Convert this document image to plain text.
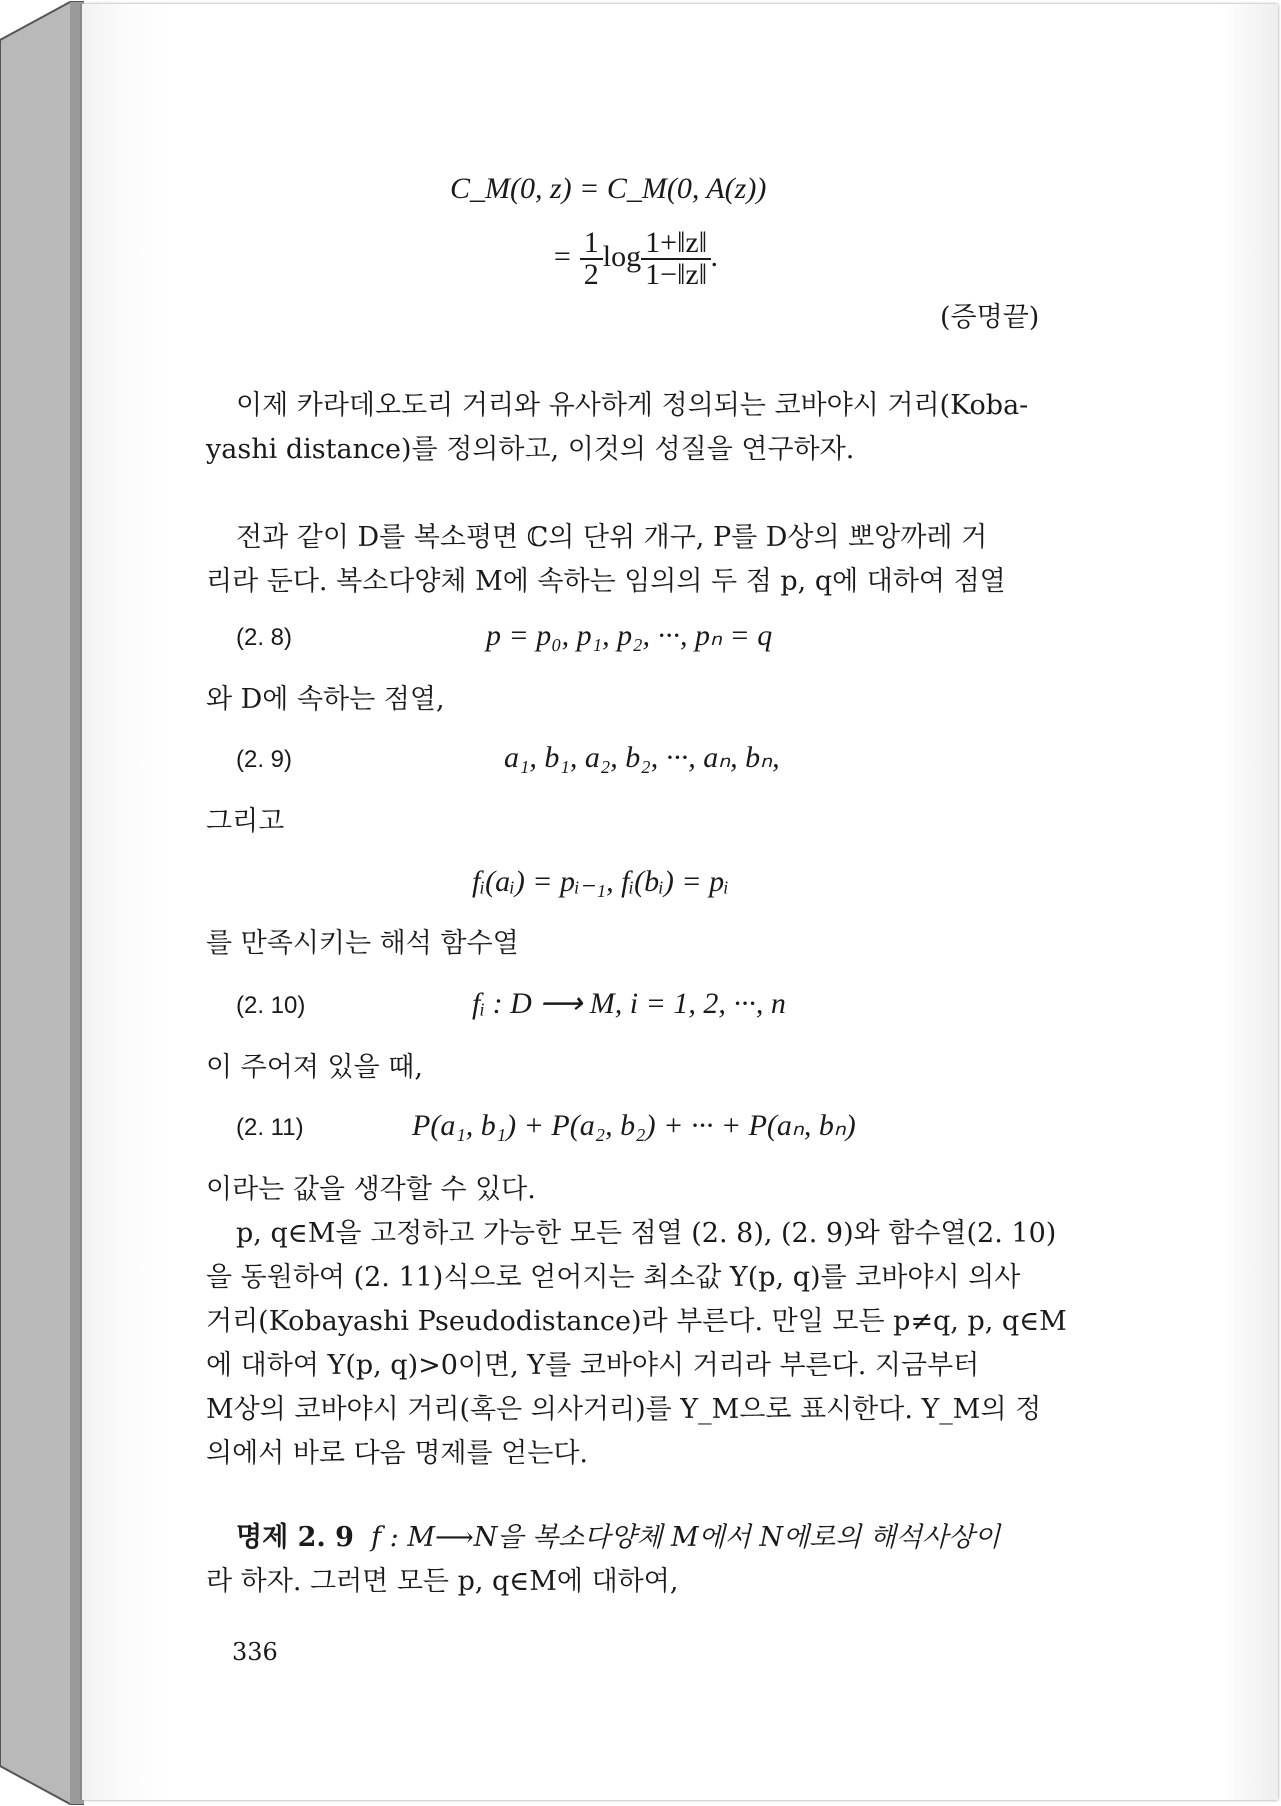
C_M(0, z) = C_M(0, A(z))
= $\frac{1}{2}$ $\log \frac{1+‖z‖}{1-‖z‖}$ .
(증명끝)
이제 카라데오도리 거리와 유사하게 정의되는 코바야시 거리(Koba-
yashi distance)를 정의하고, 이것의 성질을 연구하자.
전과 같이 D를 복소평면 ℂ의 단위 개구, P를 D상의 뽀앙까레 거
리라 둔다. 복소다양체 M에 속하는 임의의 두 점 p, q에 대하여 점열
(2. 8)	p = p₀, p₁, p₂, ···, pₙ = q
와 D에 속하는 점열,
(2. 9)	a₁, b₁, a₂, b₂, ···, aₙ, bₙ,
그리고
fᵢ(aᵢ) = pᵢ₋₁, fᵢ(bᵢ) = pᵢ
를 만족시키는 해석 함수열
(2. 10)	fᵢ : D ⟶ M, i = 1, 2, ···, n
이 주어져 있을 때,
(2. 11)	P(a₁, b₁) + P(a₂, b₂) + ··· + P(aₙ, bₙ)
이라는 값을 생각할 수 있다.
p, q∈M을 고정하고 가능한 모든 점열 (2. 8), (2. 9)와 함수열(2. 10)
을 동원하여 (2. 11)식으로 얻어지는 최소값 Y(p, q)를 코바야시 의사
거리(Kobayashi Pseudodistance)라 부른다. 만일 모든 p≠q, p, q∈M
에 대하여 Y(p, q)>0이면, Y를 코바야시 거리라 부른다. 지금부터
M상의 코바야시 거리(혹은 의사거리)를 Y_M으로 표시한다. Y_M의 정
의에서 바로 다음 명제를 얻는다.
명제 2. 9 f : M⟶N을 복소다양체 M에서 N에로의 해석사상이
라 하자. 그러면 모든 p, q∈M에 대하여,
336
